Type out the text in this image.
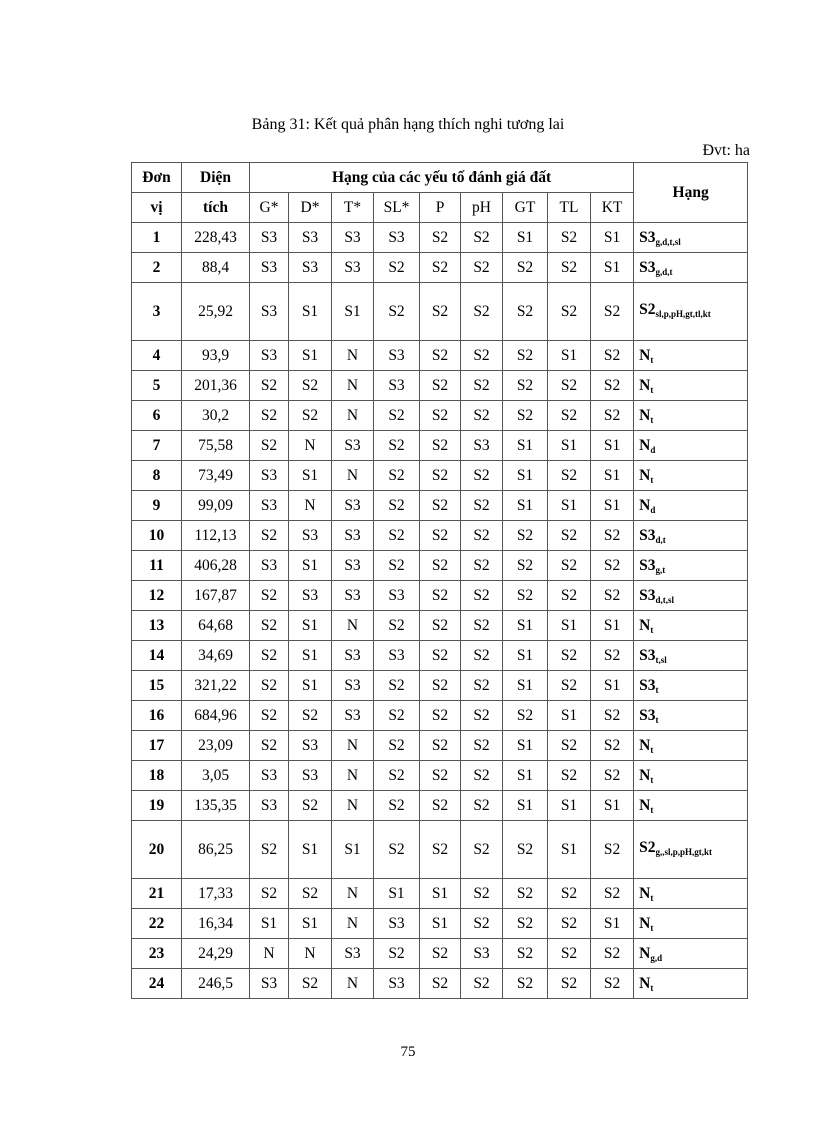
Bảng 31: Kết quả phân hạng thích nghi tương lai
Đvt: ha
Đơn	Diện	Hạng của các yếu tố đánh giá đất									Hạng
vị	tích	G*	D*	T*	SL*	P	pH	GT	TL	KT	
1	228,43	S3	S3	S3	S3	S2	S2	S1	S2	S1	$S3_{g,d,t,sl}$
2	88,4	S3	S3	S3	S2	S2	S2	S2	S2	S1	$S3_{g,d,t}$
3	25,92	S3	S1	S1	S2	S2	S2	S2	S2	S2	$S2_{sl,p,pH,gt,tl,kt}$
4	93,9	S3	S1	N	S3	S2	S2	S2	S1	S2	$N_t$
5	201,36	S2	S2	N	S3	S2	S2	S2	S2	S2	$N_t$
6	30,2	S2	S2	N	S2	S2	S2	S2	S2	S2	$N_t$
7	75,58	S2	N	S3	S2	S2	S3	S1	S1	S1	$N_d$
8	73,49	S3	S1	N	S2	S2	S2	S1	S2	S1	$N_t$
9	99,09	S3	N	S3	S2	S2	S2	S1	S1	S1	$N_d$
10	112,13	S2	S3	S3	S2	S2	S2	S2	S2	S2	$S3_{d,t}$
11	406,28	S3	S1	S3	S2	S2	S2	S2	S2	S2	$S3_{g,t}$
12	167,87	S2	S3	S3	S3	S2	S2	S2	S2	S2	$S3_{d,t,sl}$
13	64,68	S2	S1	N	S2	S2	S2	S1	S1	S1	$N_t$
14	34,69	S2	S1	S3	S3	S2	S2	S1	S2	S2	$S3_{t,sl}$
15	321,22	S2	S1	S3	S2	S2	S2	S1	S2	S1	$S3_t$
16	684,96	S2	S2	S3	S2	S2	S2	S2	S1	S2	$S3_t$
17	23,09	S2	S3	N	S2	S2	S2	S1	S2	S2	$N_t$
18	3,05	S3	S3	N	S2	S2	S2	S1	S2	S2	$N_t$
19	135,35	S3	S2	N	S2	S2	S2	S1	S1	S1	$N_t$
20	86,25	S2	S1	S1	S2	S2	S2	S2	S1	S2	$S2_{g,,sl,p,pH,gt,kt}$
21	17,33	S2	S2	N	S1	S1	S2	S2	S2	S2	$N_t$
22	16,34	S1	S1	N	S3	S1	S2	S2	S2	S1	$N_t$
23	24,29	N	N	S3	S2	S2	S3	S2	S2	S2	$N_{g,d}$
24	246,5	S3	S2	N	S3	S2	S2	S2	S2	S2	$N_t$
75
